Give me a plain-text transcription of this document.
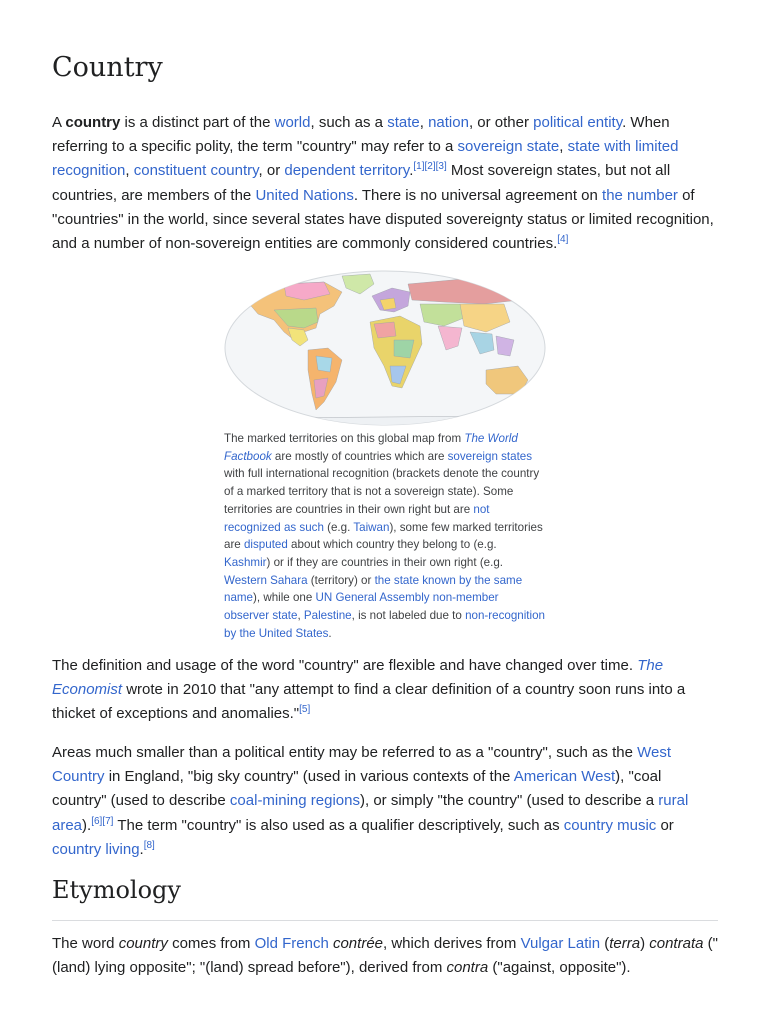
Country

A country is a distinct part of the world, such as a state, nation, or other political entity. When referring to a specific polity, the term "country" may refer to a sovereign state, state with limited recognition, constituent country, or dependent territory.[1][2][3] Most sovereign states, but not all countries, are members of the United Nations. There is no universal agreement on the number of "countries" in the world, since several states have disputed sovereignty status or limited recognition, and a number of non-sovereign entities are commonly considered countries.[4]

The marked territories on this global map from The World Factbook are mostly of countries which are sovereign states with full international recognition (brackets denote the country of a marked territory that is not a sovereign state). Some territories are countries in their own right but are not recognized as such (e.g. Taiwan), some few marked territories are disputed about which country they belong to (e.g. Kashmir) or if they are countries in their own right (e.g. Western Sahara (territory) or the state known by the same name), while one UN General Assembly non-member observer state, Palestine, is not labeled due to non-recognition by the United States.

The definition and usage of the word "country" are flexible and have changed over time. The Economist wrote in 2010 that "any attempt to find a clear definition of a country soon runs into a thicket of exceptions and anomalies."[5]

Areas much smaller than a political entity may be referred to as a "country", such as the West Country in England, "big sky country" (used in various contexts of the American West), "coal country" (used to describe coal-mining regions), or simply "the country" (used to describe a rural area).[6][7] The term "country" is also used as a qualifier descriptively, such as country music or country living.[8]

Etymology

The word country comes from Old French contrée, which derives from Vulgar Latin (terra) contrata ("(land) lying opposite"; "(land) spread before"), derived from contra ("against, opposite").
